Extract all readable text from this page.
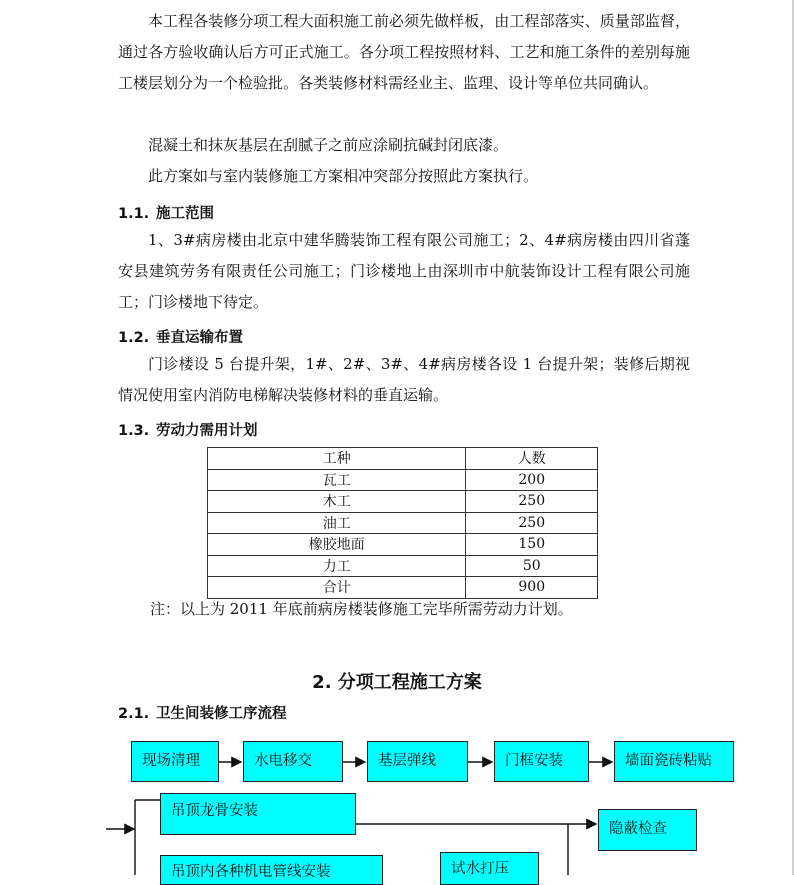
本工程各装修分项工程大面积施工前必须先做样板，由工程部落实、质量部监督，通过各方验收确认后方可正式施工。各分项工程按照材料、工艺和施工条件的差别每施工楼层划分为一个检验批。各类装修材料需经业主、监理、设计等单位共同确认。

混凝土和抹灰基层在刮腻子之前应涂刷抗碱封闭底漆。

此方案如与室内装修施工方案相冲突部分按照此方案执行。

1.1. 施工范围

1、3#病房楼由北京中建华腾装饰工程有限公司施工；2、4#病房楼由四川省蓬安县建筑劳务有限责任公司施工；门诊楼地上由深圳市中航装饰设计工程有限公司施工；门诊楼地下待定。

1.2. 垂直运输布置

门诊楼设 5 台提升架，1#、2#、3#、4#病房楼各设 1 台提升架；装修后期视情况使用室内消防电梯解决装修材料的垂直运输。

1.3. 劳动力需用计划
工种	人数
瓦工	200
木工	250
油工	250
橡胶地面	150
力工	50
合计	900

注：以上为 2011 年底前病房楼装修施工完毕所需劳动力计划。

2. 分项工程施工方案
2.1. 卫生间装修工序流程
现场清理	水电移交	基层弹线	门框安装	墙面瓷砖粘贴
吊顶龙骨安装
隐蔽检查
吊顶内各种机电管线安装	试水打压
